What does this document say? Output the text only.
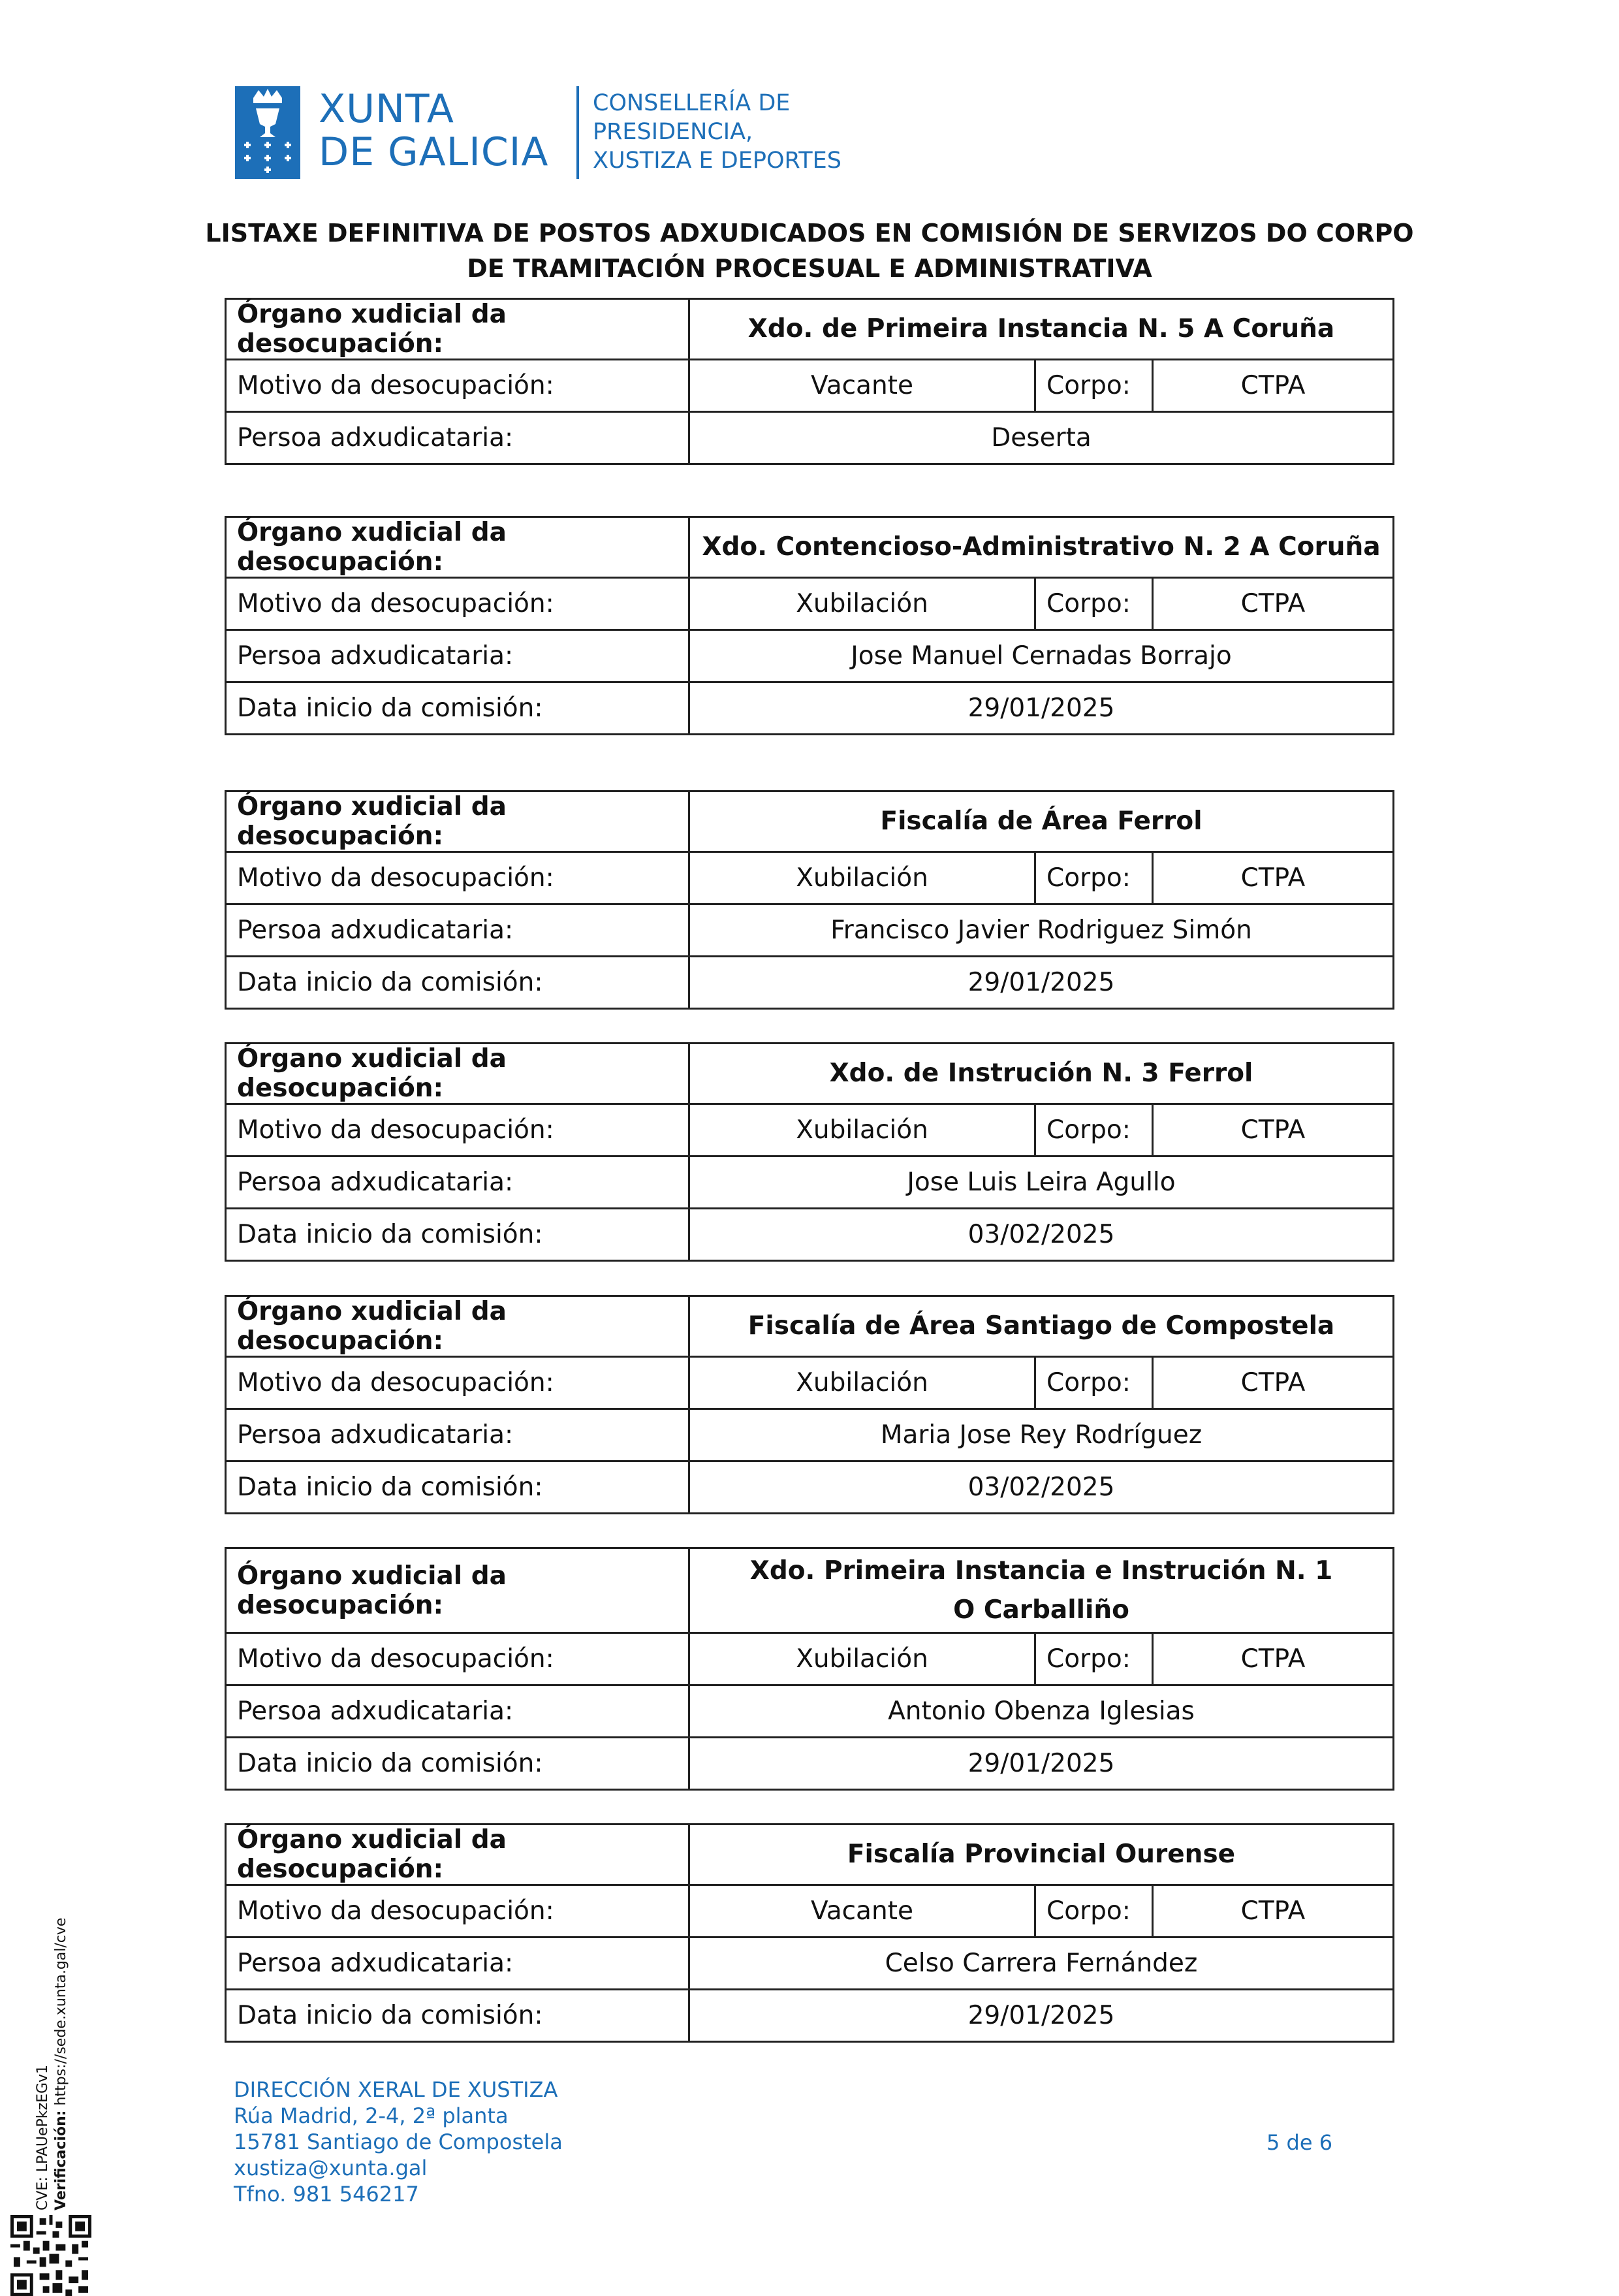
XUNTA
DE GALICIA
CONSELLERÍA DE
PRESIDENCIA,
XUSTIZA E DEPORTES
LISTAXE DEFINITIVA DE POSTOS ADXUDICADOS EN COMISIÓN DE SERVIZOS DO CORPO
DE TRAMITACIÓN PROCESUAL E ADMINISTRATIVA
Órgano xudicial da desocupación:	Xdo. de Primeira Instancia N. 5 A Coruña		
Motivo da desocupación:	Vacante	Corpo:	CTPA
Persoa adxudicataria:	Deserta		
Órgano xudicial da desocupación:	Xdo. Contencioso-Administrativo N. 2 A Coruña		
Motivo da desocupación:	Xubilación	Corpo:	CTPA
Persoa adxudicataria:	Jose Manuel Cernadas Borrajo		
Data inicio da comisión:	29/01/2025		
Órgano xudicial da desocupación:	Fiscalía de Área Ferrol		
Motivo da desocupación:	Xubilación	Corpo:	CTPA
Persoa adxudicataria:	Francisco Javier Rodriguez Simón		
Data inicio da comisión:	29/01/2025		
Órgano xudicial da desocupación:	Xdo. de Instrución N. 3 Ferrol		
Motivo da desocupación:	Xubilación	Corpo:	CTPA
Persoa adxudicataria:	Jose Luis Leira Agullo		
Data inicio da comisión:	03/02/2025		
Órgano xudicial da desocupación:	Fiscalía de Área Santiago de Compostela		
Motivo da desocupación:	Xubilación	Corpo:	CTPA
Persoa adxudicataria:	Maria Jose Rey Rodríguez		
Data inicio da comisión:	03/02/2025		
Órgano xudicial da desocupación:	Xdo. Primeira Instancia e Instrución N. 1
O Carballiño		

Motivo da desocupación:	Xubilación	Corpo:	CTPA
Persoa adxudicataria:	Antonio Obenza Iglesias		
Data inicio da comisión:	29/01/2025		
Órgano xudicial da desocupación:	Fiscalía Provincial Ourense		
Motivo da desocupación:	Vacante	Corpo:	CTPA
Persoa adxudicataria:	Celso Carrera Fernández		
Data inicio da comisión:	29/01/2025		
DIRECCIÓN XERAL DE XUSTIZA
Rúa Madrid, 2-4, 2ª planta
15781 Santiago de Compostela
xustiza@xunta.gal
Tfno. 981 546217
5 de 6
CVE: LPAUePkzEGv1 Verificación: https://sede.xunta.gal/cve
